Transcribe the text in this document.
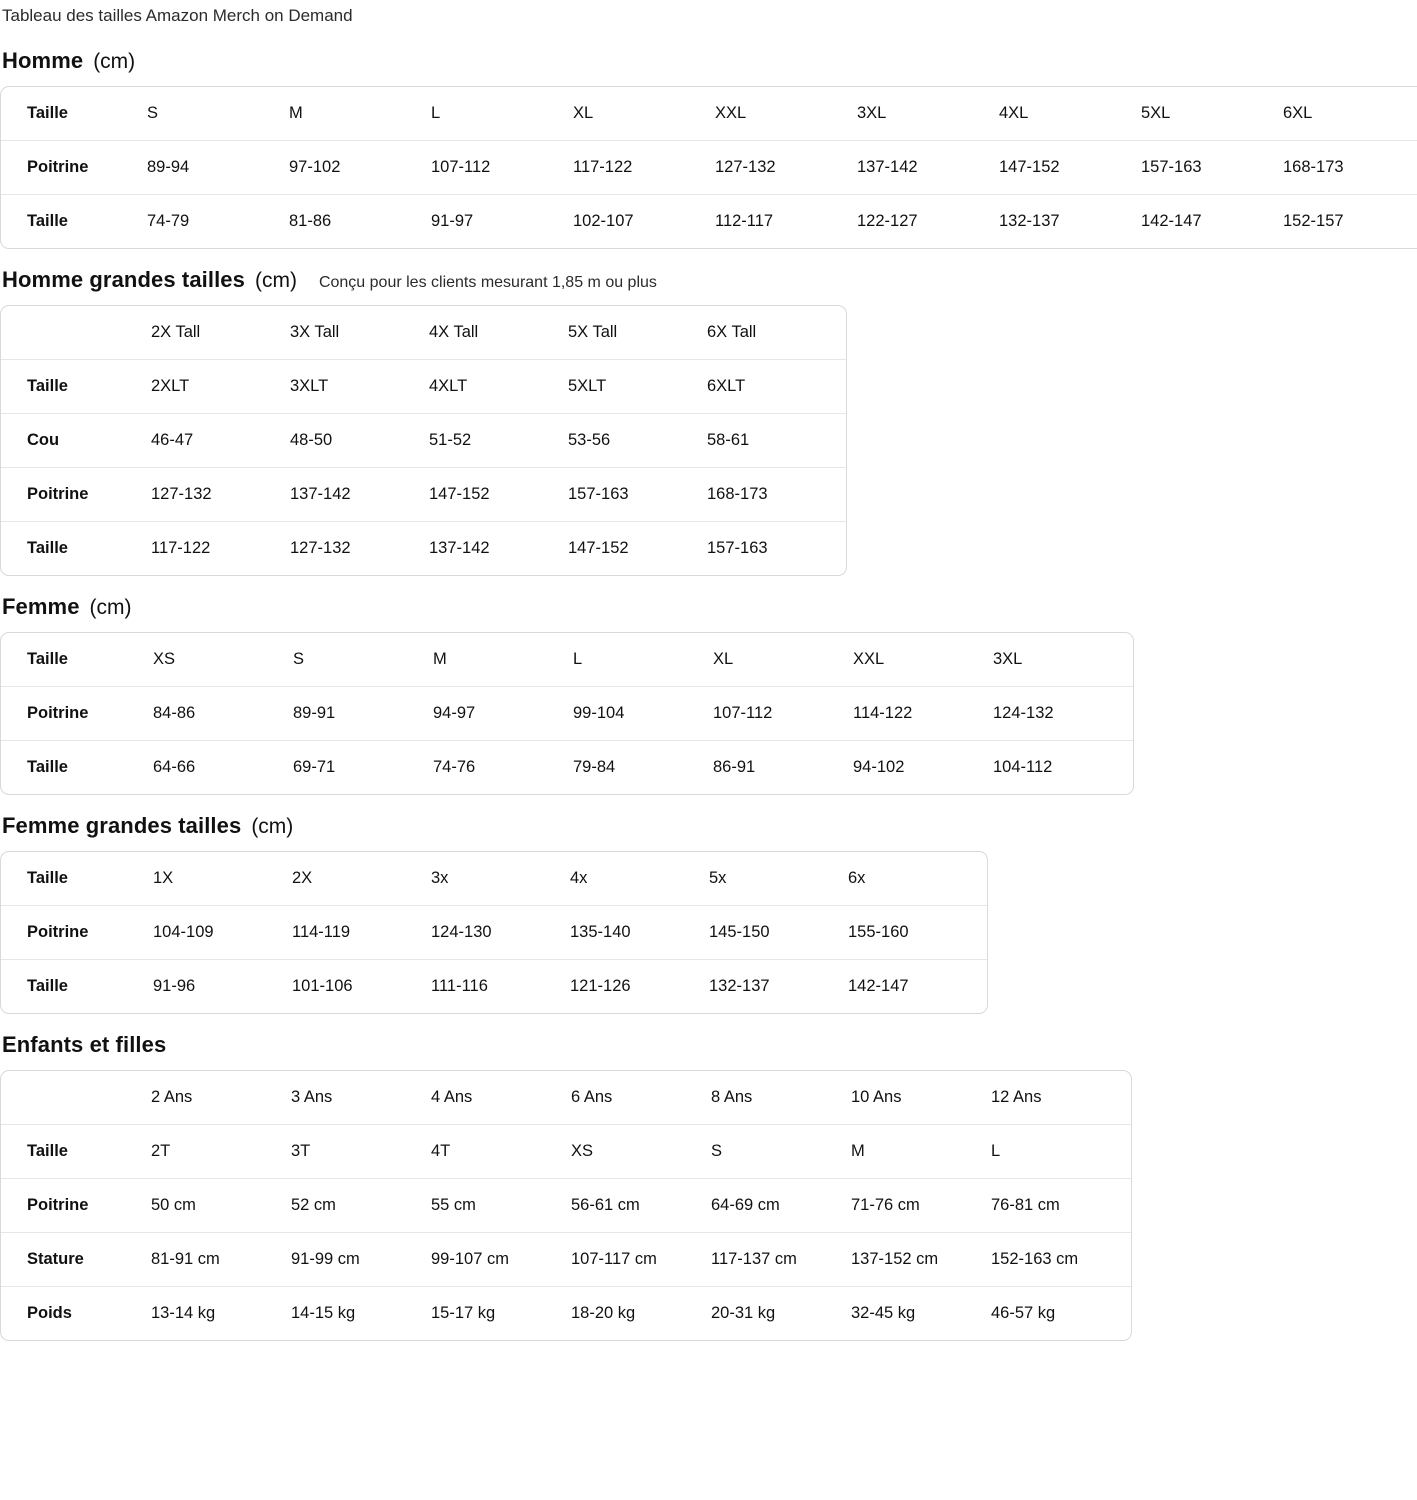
Tableau des tailles Amazon Merch on Demand
Homme (cm)
Taille	S	M	L	XL	XXL	3XL	4XL	5XL	6XL
Poitrine	89-94	97-102	107-112	117-122	127-132	137-142	147-152	157-163	168-173
Taille	74-79	81-86	91-97	102-107	112-117	122-127	132-137	142-147	152-157
Homme grandes tailles (cm) Conçu pour les clients mesurant 1,85 m ou plus
	2X Tall	3X Tall	4X Tall	5X Tall	6X Tall
Taille	2XLT	3XLT	4XLT	5XLT	6XLT
Cou	46-47	48-50	51-52	53-56	58-61
Poitrine	127-132	137-142	147-152	157-163	168-173
Taille	117-122	127-132	137-142	147-152	157-163
Femme (cm)
Taille	XS	S	M	L	XL	XXL	3XL
Poitrine	84-86	89-91	94-97	99-104	107-112	114-122	124-132
Taille	64-66	69-71	74-76	79-84	86-91	94-102	104-112
Femme grandes tailles (cm)
Taille	1X	2X	3x	4x	5x	6x
Poitrine	104-109	114-119	124-130	135-140	145-150	155-160
Taille	91-96	101-106	111-116	121-126	132-137	142-147
Enfants et filles
	2 Ans	3 Ans	4 Ans	6 Ans	8 Ans	10 Ans	12 Ans
Taille	2T	3T	4T	XS	S	M	L
Poitrine	50 cm	52 cm	55 cm	56-61 cm	64-69 cm	71-76 cm	76-81 cm
Stature	81-91 cm	91-99 cm	99-107 cm	107-117 cm	117-137 cm	137-152 cm	152-163 cm
Poids	13-14 kg	14-15 kg	15-17 kg	18-20 kg	20-31 kg	32-45 kg	46-57 kg
